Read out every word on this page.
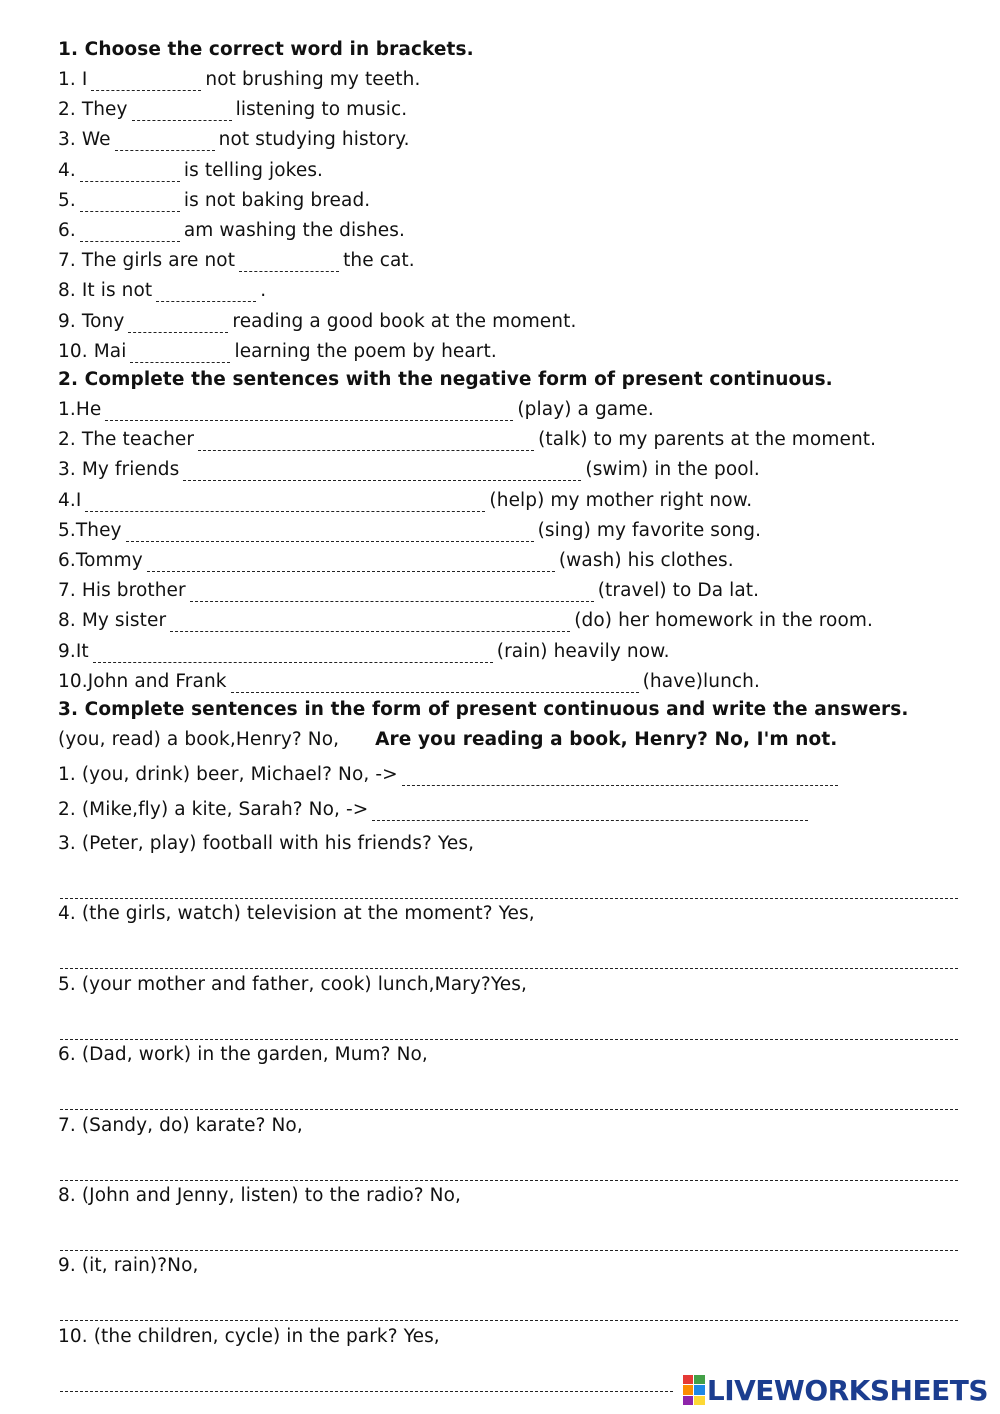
1. Choose the correct word in brackets.
1. I	not brushing my teeth.
2. They	listening to music.
3. We	not studying history.
4.	is telling jokes.
5.	is not baking bread.
6.	am washing the dishes.
7. The girls are not	the cat.
8. It is not	.
9. Tony	reading a good book at the moment.
10. Mai	learning the poem by heart.
2. Complete the sentences with the negative form of present continuous.
1.He	(play) a game.
2. The teacher	(talk) to my parents at the moment.
3. My friends	(swim) in the pool.
4.I	(help) my mother right now.
5.They	(sing) my favorite song.
6.Tommy	(wash) his clothes.
7. His brother	(travel) to Da lat.
8. My sister	(do) her homework in the room.
9.It	(rain) heavily now.
10.John and Frank	(have)lunch.
3. Complete sentences in the form of present continuous and write the answers.
(you, read) a book,Henry? No, Are you reading a book, Henry? No, I'm not.
1. (you, drink) beer, Michael? No, ->
2. (Mike,fly) a kite, Sarah? No, ->
3. (Peter, play) football with his friends? Yes,
4. (the girls, watch) television at the moment? Yes,
5. (your mother and father, cook) lunch,Mary?Yes,
6. (Dad, work) in the garden, Mum? No,
7. (Sandy, do) karate? No,
8. (John and Jenny, listen) to the radio? No,
9. (it, rain)?No,
10. (the children, cycle) in the park? Yes,
LIVEWORKSHEETS
